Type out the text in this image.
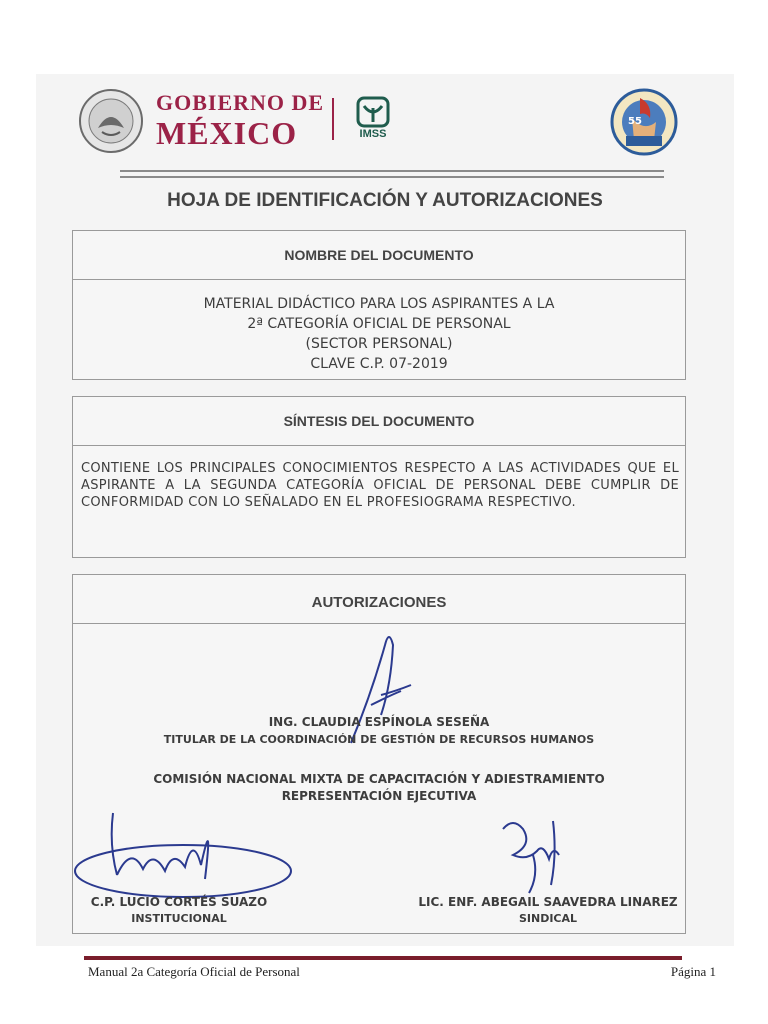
GOBIERNO DE
MÉXICO	IMSS
55
HOJA DE IDENTIFICACIÓN Y AUTORIZACIONES
NOMBRE DEL DOCUMENTO
MATERIAL DIDÁCTICO PARA LOS ASPIRANTES A LA
2ª CATEGORÍA OFICIAL DE PERSONAL
(SECTOR PERSONAL)
CLAVE C.P. 07-2019
SÍNTESIS DEL DOCUMENTO
CONTIENE LOS PRINCIPALES CONOCIMIENTOS RESPECTO A LAS ACTIVIDADES QUE EL ASPIRANTE A LA SEGUNDA CATEGORÍA OFICIAL DE PERSONAL DEBE CUMPLIR DE CONFORMIDAD CON LO SEÑALADO EN EL PROFESIOGRAMA RESPECTIVO.
AUTORIZACIONES
ING. CLAUDIA ESPÍNOLA SESEÑA
TITULAR DE LA COORDINACIÓN DE GESTIÓN DE RECURSOS HUMANOS
COMISIÓN NACIONAL MIXTA DE CAPACITACIÓN Y ADIESTRAMIENTO
REPRESENTACIÓN EJECUTIVA
C.P. LUCIO CORTÉS SUAZO
INSTITUCIONAL
LIC. ENF. ABEGAIL SAAVEDRA LINAREZ
SINDICAL
Manual 2a Categoría Oficial de Personal	Página 1
